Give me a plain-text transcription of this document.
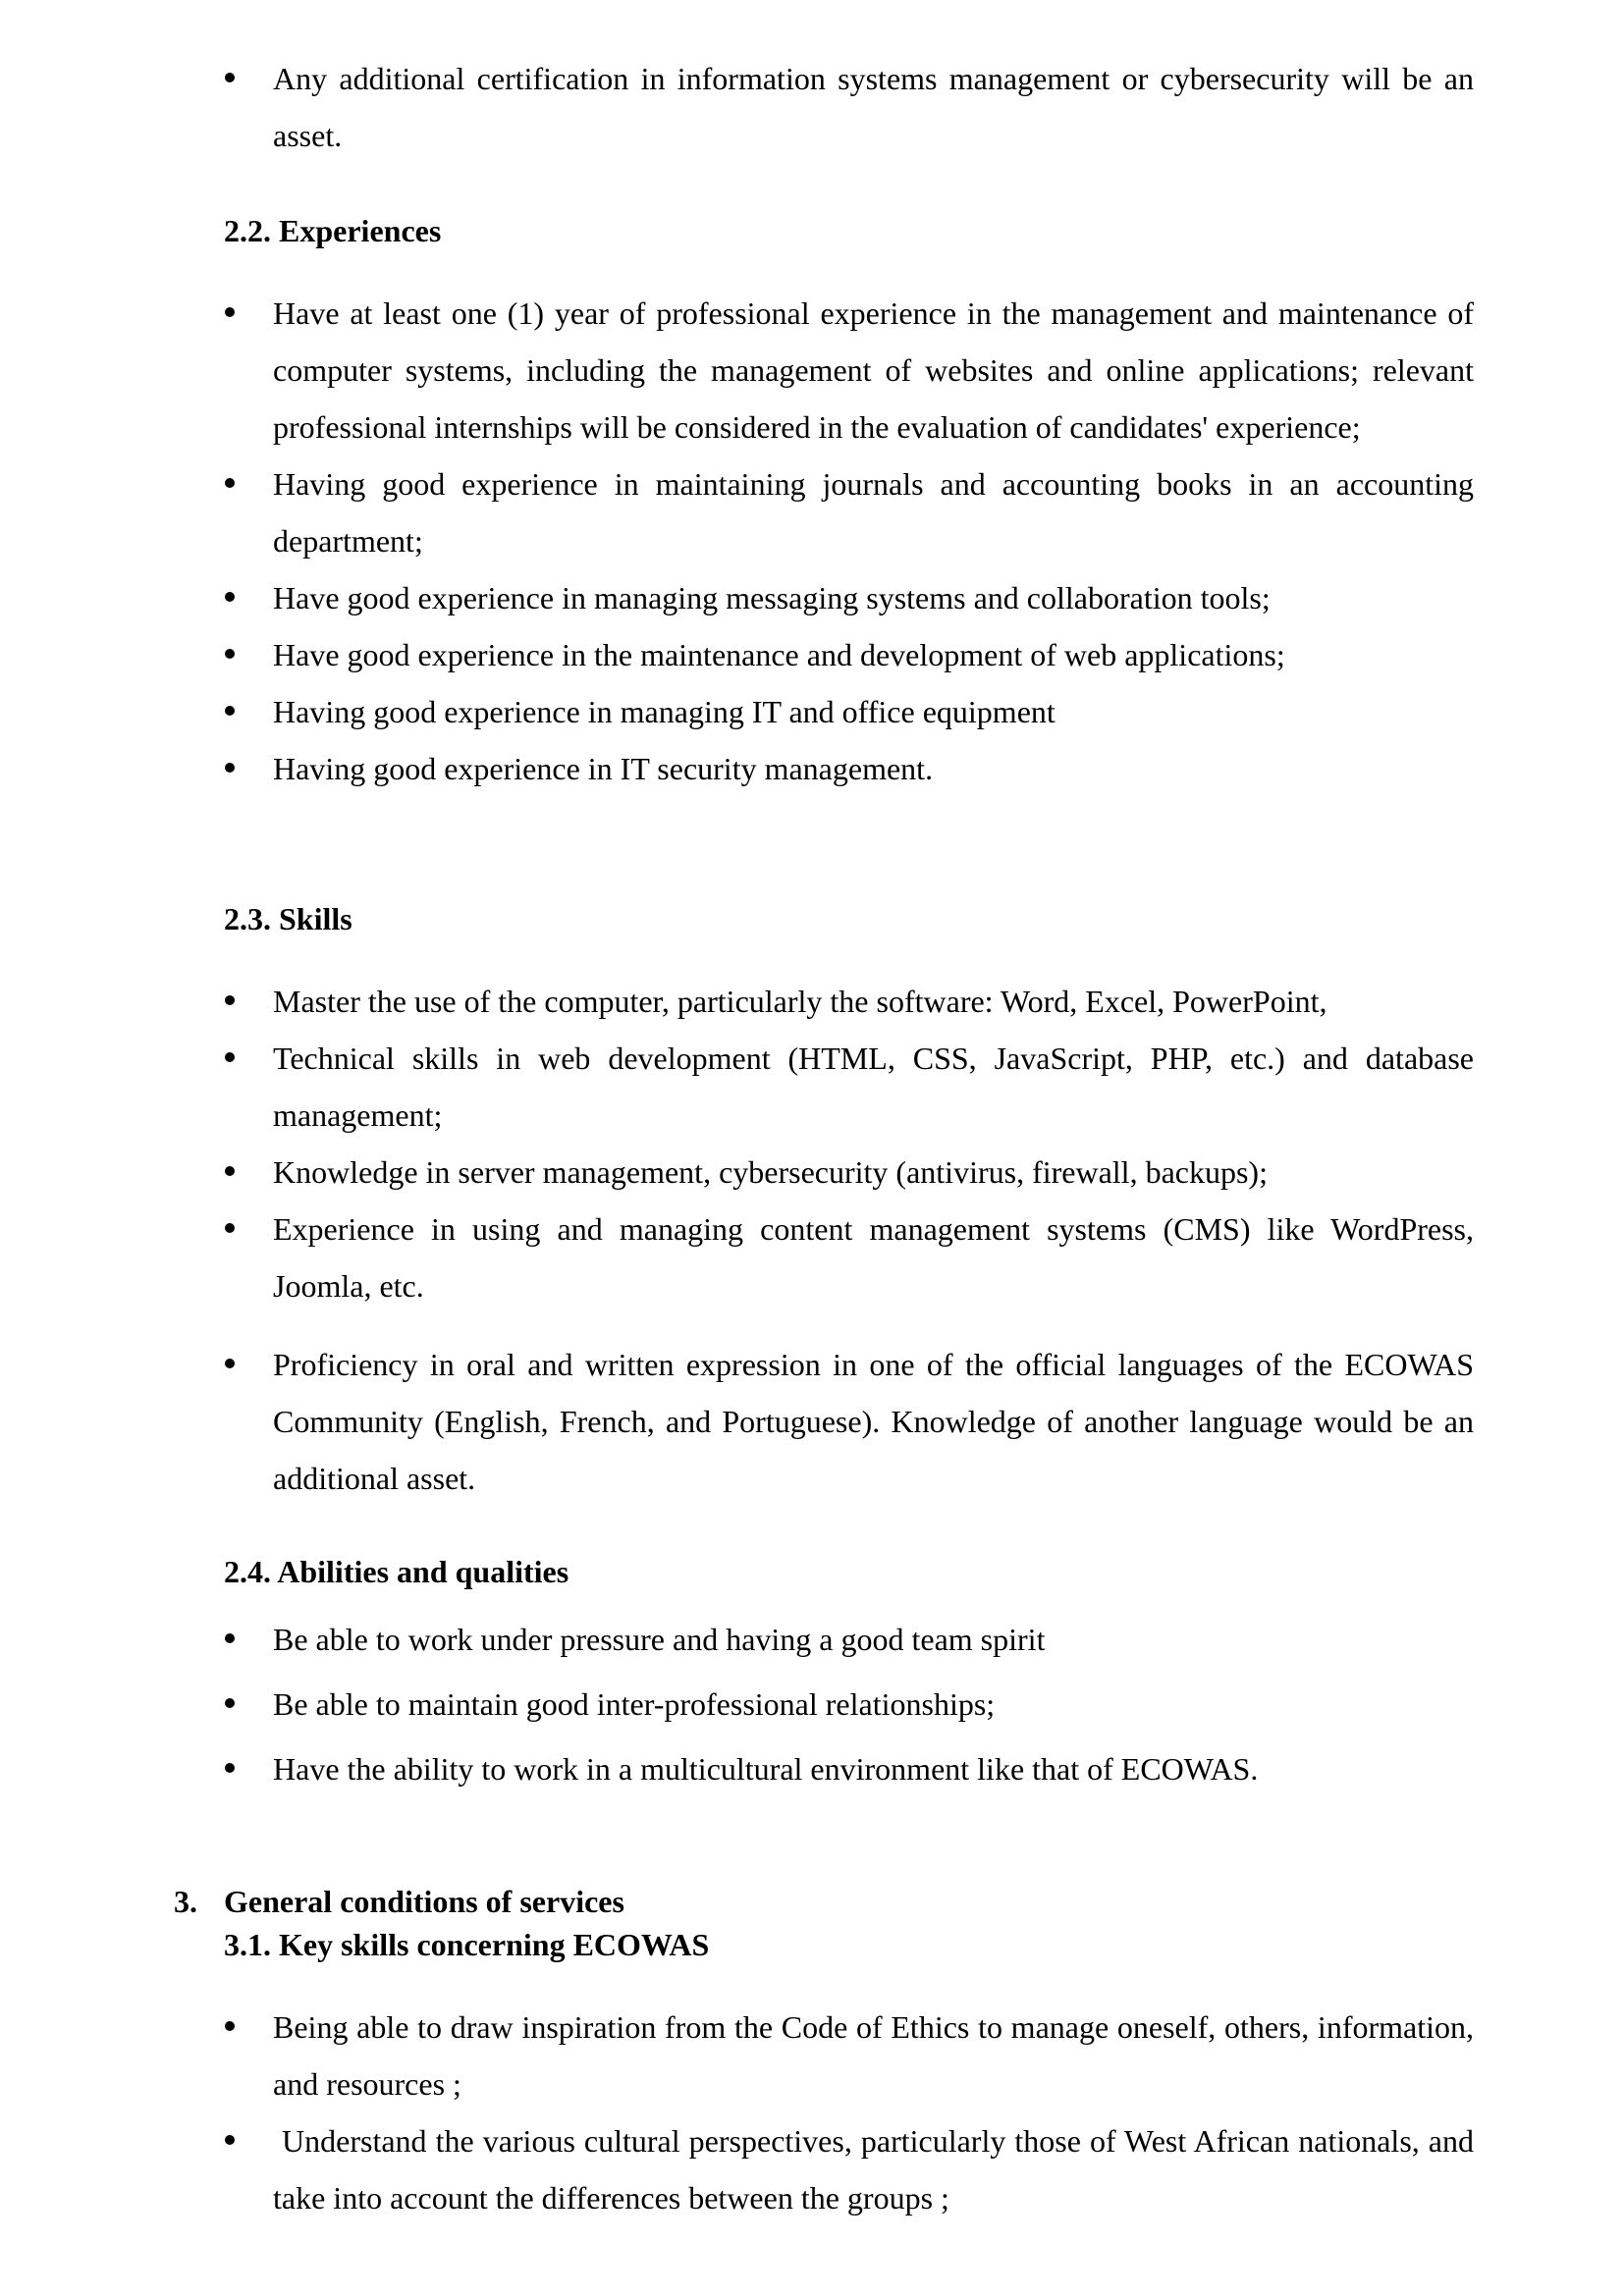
Any additional certification in information systems management or cybersecurity will be an asset.
2.2. Experiences
Have at least one (1) year of professional experience in the management and maintenance of computer systems, including the management of websites and online applications; relevant professional internships will be considered in the evaluation of candidates' experience;
Having good experience in maintaining journals and accounting books in an accounting department;
Have good experience in managing messaging systems and collaboration tools;
Have good experience in the maintenance and development of web applications;
Having good experience in managing IT and office equipment
Having good experience in IT security management.
2.3. Skills
Master the use of the computer, particularly the software: Word, Excel, PowerPoint,
Technical skills in web development (HTML, CSS, JavaScript, PHP, etc.) and database management;
Knowledge in server management, cybersecurity (antivirus, firewall, backups);
Experience in using and managing content management systems (CMS) like WordPress, Joomla, etc.
Proficiency in oral and written expression in one of the official languages of the ECOWAS Community (English, French, and Portuguese). Knowledge of another language would be an additional asset.
2.4. Abilities and qualities
Be able to work under pressure and having a good team spirit
Be able to maintain good inter-professional relationships;
Have the ability to work in a multicultural environment like that of ECOWAS.
3. General conditions of services
3.1. Key skills concerning ECOWAS
Being able to draw inspiration from the Code of Ethics to manage oneself, others, information, and resources ;
Understand the various cultural perspectives, particularly those of West African nationals, and take into account the differences between the groups ;
